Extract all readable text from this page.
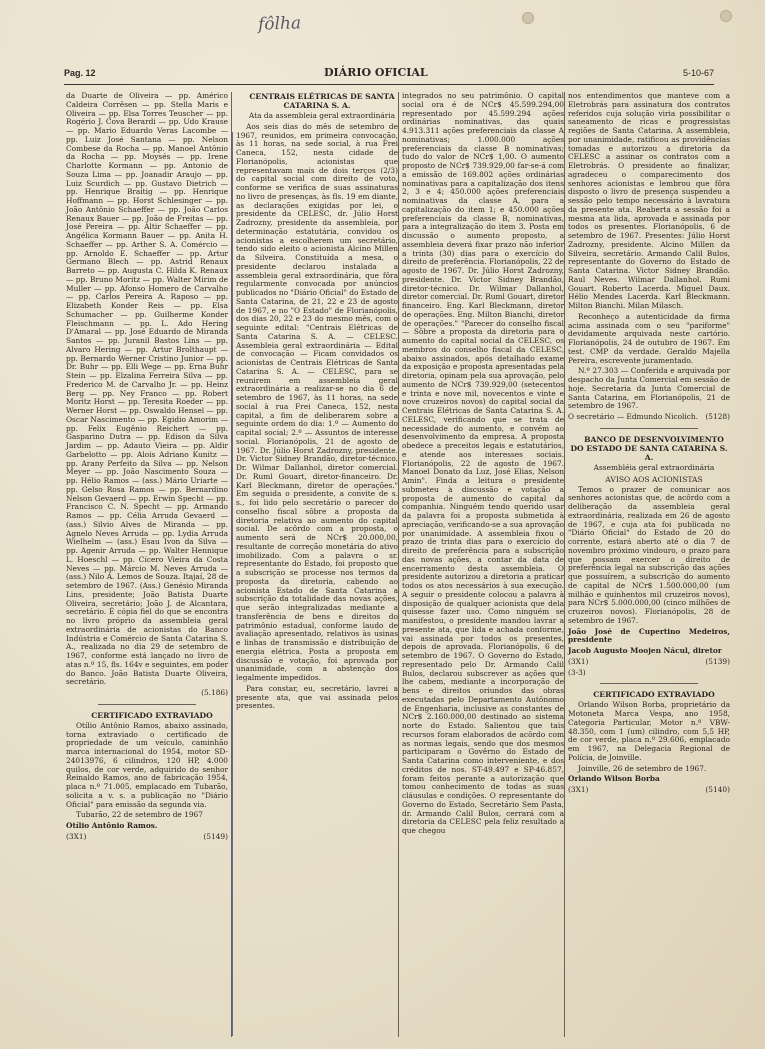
fôlha
Pag. 12	DIÁRIO OFICIAL	5-10-67

da Duarte de Oliveira — pp. Américo Caldeira Corrêsen — pp. Stella Maris e Oliveira — pp. Elsa Torres Teuscher — pp. Rogério J. Cova Berardi — pp. Udo Krause — pp. Mario Eduardo Veras Lacombe — pp. Luiz José Santana — pp. Nelson Combese da Rocha — pp. Manoel Antônio da Rocha — pp. Moysés — pp. Irene Charlotte Kormann — pp. Antonio de Souza Lima — pp. Joanadir Araujo — pp. Luiz Scurdich — pp. Gustavo Dietrich — pp. Henrique Braitig — pp. Henrique Hoffmann — pp. Horst Schlesinger — pp. João Antônio Schaeffer — pp. João Carlos Renaux Bauer — pp. João de Freitas — pp. José Pereira — pp. Altir Schaeffer — pp. Angélica Kormann Bauer — pp. Anita H. Schaeffer — pp. Arther S. A. Comércio — pp. Arnoldo E. Schaeffer — pp. Artur Germano Blech — pp. Astrid Renaux Barreto — pp. Augusta C. Hilda K. Renaux — pp. Bruno Moritz — pp. Walter Mirim de Muller — pp. Afonso Homero de Carvalho — pp. Carlos Pereira A. Raposo — pp. Elizabeth Konder Reis — pp. Elsa Schumacher — pp. Guilherme Konder Fleischmann — pp. L. Ado Hering D'Amaral — pp. José Eduardo de Miranda Santos — pp. Juranil Bastos Lins — pp. Alvaro Hering — pp. Artur Brolthaupt — pp. Bernardo Werner Cristino Junior — pp. Dr. Buhr — pp. Elli Wege — pp. Erna Buhr Stein — pp. Elzalina Ferreira Silva — pp. Frederico M. de Carvalho Jr. — pp. Heinz Berg — pp. Ney Franco — pp. Robert Moritz Horst — pp. Teresita Roeder — pp. Werner Horst — pp. Oswaldo Hensel — pp. Oscar Nascimento — pp. Egidio Amorim — pp. Felix Eugênio Reichert — pp. Gasparino Dutra — pp. Edison da Silva Jardim — pp. Adauto Vieira — pp. Aldir Garbelotto — pp. Alois Adriano Kunitz — pp. Arany Perfeito da Silva — pp. Nelson Meyer — pp. João Nascimento Souza — pp. Hélio Ramos — (ass.) Mário Uriarte — pp. Gelso Rosa Ramos — pp. Bernardino Nelson Gevaerd — pp. Erwin Specht — pp. Francisco C. N. Specht — pp. Armando Ramos — pp. Célia Arruda Gevaerd — (ass.) Silvio Alves de Miranda — pp. Agnelo Neves Arruda — pp. Lydia Arruda Wielhelm — (ass.) Esau Ivon da Silva — pp. Agenir Arruda — pp. Walter Hennique L. Hoeschl — pp. Cícero Vieira da Costa Neves — pp. Márcio M. Neves Arruda — (ass.) Nilo A. Lemos de Souza. Itajaí, 28 de setembro de 1967. (Ass.) Genésio Miranda Lins, presidente; João Batista Duarte Oliveira, secretário; João J. de Alcantara, secretário. É cópia fiel do que se encontra no livro próprio da assembleia geral extraordinária de acionistas do Banco Indústria e Comércio de Santa Catarina S. A., realizada no dia 29 de setembro de 1967, conforme está lançado no livro de atas n.º 15, fls. 164v e seguintes, em poder do Banco. João Batista Duarte Oliveira, secretário.

(5.186)

CERTIFICADO EXTRAVIADO

Otílio Antônio Ramos, abaixo assinado, torna extraviado o certificado de propriedade de um veículo, caminhão marca internacional do 1954, motor SD-24013976, 6 cilindros, 120 HP, 4.000 quilos, de cor verde, adquirido do senhor Reinaldo Ramos, ano de fabricação 1954, placa n.º 71.005, emplacado em Tubarão, solicita a v. s. a publicação no "Diário Oficial" para emissão da segunda via.

Tubarão, 22 de setembro de 1967

Otílio Antônio Ramos.

(3X1)	(5149)

CENTRAIS ELÉTRICAS DE SANTA CATARINA S. A.

Ata da assembleia geral extraordinária

Aos seis dias do mês de setembro de 1967, reunidos, em primeira convocação, às 11 horas, na sede social, à rua Frei Caneca, 152, nesta cidade de Florianópolis, acionistas que representavam mais de dois terços (2/3) do capital social com direito de voto, conforme se verifica de suas assinaturas no livro de presenças, às fls. 19 em diante, as declarações exigidas por lei, o presidente da CELESC, dr. Júlio Horst Zadrozny, presidente da assembleia, por determinação estatutária, convidou os acionistas a escolherem um secretário, tendo sido eleito o acionista Alcino Millen da Silveira. Constituída a mesa, o presidente declarou instalada a assembleia geral extraordinária, que fôra regularmente convocada por anúncios publicados no "Diário Oficial" do Estado de Santa Catarina, de 21, 22 e 23 de agosto de 1967, e no "O Estado" de Florianópolis, dos dias 20, 22 e 23 do mesmo mês, com o seguinte edital: "Centrais Elétricas de Santa Catarina S. A. — CELESC. Assembleia geral extraordinária — Edital de convocação — Ficam convidados os acionistas de Centrais Elétricas de Santa Catarina S. A. — CELESC, para se reunirem em assembleia geral extraordinária a realizar-se no dia 6 de setembro de 1967, às 11 horas, na sede social à rua Frei Caneca, 152, nesta capital, a fim de deliberarem sobre a seguinte ordem do dia: 1.º — Aumento do capital social; 2.º — Assuntos de interesse social. Florianópolis, 21 de agosto de 1967. Dr. Júlio Horst Zadrozny, presidente. Dr. Victor Sidney Brandão, diretor-técnico. Dr. Wilmar Dallanhol, diretor comercial. Dr. Ruml Gouart, diretor-financeiro. Dr. Karl Bleckmann, diretor de operações." Em seguida o presidente, a convite de s. s., foi lido pelo secretário o parecer do conselho fiscal sôbre a proposta da diretoria relativa ao aumento do capital social. De acôrdo com a proposta, o aumento será de NCr$ 20.000,00, resultante de correção monetária do ativo imobilizado. Com a palavra o sr. representante do Estado, foi proposto que a subscrição se processe nos termos da proposta da diretoria, cabendo ao acionista Estado de Santa Catarina a subscrição da totalidade das novas ações, que serão integralizadas mediante a transferência de bens e direitos do patrimônio estadual, conforme laudo de avaliação apresentado, relativos às usinas e linhas de transmissão e distribuição de energia elétrica. Posta a proposta em discussão e votação, foi aprovada por unanimidade, com a abstenção dos legalmente impedidos.

Para constar, eu, secretário, lavrei a presente ata, que vai assinada pelos presentes.

integrados no seu patrimônio. O capital social ora é de NCr$ 45.599.294,00 representado por 45.599.294 ações ordinárias nominativas, das quais 4.913.311 ações preferenciais da classe A nominativas; 1.000.000 ações preferenciais da classe B nominativas; tudo do valor de NCr$ 1,00. O aumento proposto de NCr$ 739.929,00 far-se-á com a emissão de 169.802 ações ordinárias nominativas para a capitalização dos itens 2, 3 e 4; 450.000 ações preferenciais nominativas da classe A, para a capitalização do item 1; e 450.000 ações preferenciais da classe B, nominativas, para a integralização do item 3. Posta em discussão o aumento proposto, a assembleia deverá fixar prazo não inferior a trinta (30) dias para o exercício do direito de preferência. Florianópolis, 22 de agosto de 1967. Dr. Júlio Horst Zadrozny, presidente. Dr. Victor Sidney Brandão, diretor-técnico. Dr. Wilmar Dallanhol, diretor comercial. Dr. Ruml Gouart, diretor financeiro. Eng. Karl Bleckmann, diretor de operações. Eng. Milton Bianchi, diretor de operações." "Parecer do conselho fiscal — Sôbre a proposta da diretoria para o aumento do capital social da CELESC, os membros do conselho fiscal da CELESC, abaixo assinados, após detalhado exame da exposição e proposta apresentadas pela diretoria, opinam pela sua aprovação, pelo aumento de NCr$ 739.929,00 (setecentos e trinta e nove mil, novecentos e vinte e nove cruzeiros novos) do capital social da Centrais Elétricas de Santa Catarina S. A. CELESC, verificando que se trata de necessidade do aumento, e convém ao desenvolvimento da empresa. A proposta obedece a preceitos legais e estatutários, e atende aos interesses sociais. Florianópolis, 22 de agosto de 1967. Manoel Donato da Luz, José Elias, Nelson Amin". Finda a leitura o presidente submeteu à discussão e votação a proposta de aumento do capital da companhia. Ninguém tendo querido usar da palavra foi a proposta submetida à apreciação, verificando-se a sua aprovação por unanimidade. A assembleia fixou o prazo de trinta dias para o exercício do direito de preferência para a subscrição das novas ações, a contar da data de encerramento desta assembleia. O presidente autorizou a diretoria a praticar todos os atos necessários à sua execução. A seguir o presidente colocou a palavra à disposição de qualquer acionista que dela quisesse fazer uso. Como ninguém se manifestou, o presidente mandou lavrar a presente ata, que lida e achada conforme, vai assinada por todos os presentes, depois de aprovada. Florianópolis, 6 de setembro de 1967. O Governo do Estado, representado pelo Dr. Armando Calil Bulos, declarou subscrever as ações que lhe cabem, mediante a incorporação de bens e direitos oriundos das obras executadas pelo Departamento Autônomo de Engenharia, inclusive as constantes de NCr$ 2.160.000,00 destinado ao sistema norte do Estado. Salientou que tais recursos foram elaborados de acôrdo com as normas legais, sendo que dos mesmos participaram o Govêrno do Estado de Santa Catarina como interveniente, e dos créditos de nos. ST-49.497 e SP-46.857, foram feitos perante a autorização que tomou conhecimento de todas as suas cláusulas e condições. O representante do Governo do Estado, Secretário Sem Pasta, dr. Armando Calil Bulos, cerrará com a diretoria da CELESC pela feliz resultado a que chegou

nos entendimentos que manteve com a Eletrobrás para assinatura dos contratos referidos cuja solução viria possibilitar o saneamento de ricas e progressistas regiões de Santa Catarina. A assembleia, por unanimidade, ratificou as providências tomadas e autorizou a diretoria da CELESC a assinar os contratos com a Eletrobrás. O presidente ao finalizar, agradeceu o comparecimento dos senhores acionistas e lembrou que fôra disposto o livro de presença suspendeu a sessão pelo tempo necessário à lavratura da presente ata. Reaberta a sessão foi a mesma ata lida, aprovada e assinada por todos os presentes. Florianópolis, 6 de setembro de 1967. Presentes: Júlio Horst Zadrozny, presidente. Alcino Millen da Silveira, secretário. Armando Calil Bulos, representante do Governo do Estado de Santa Catarina. Victor Sidney Brandão. Raul Neves. Wilmar Dallanhol. Rumi Gouart. Roberto Lacerda. Miguel Daux. Hélio Mendes Lacerda. Karl Bleckmann. Milton Bianchi. Milan Milasch.

Reconheço a autenticidade da firma acima assinada com o seu "pariforme" devidamente arquivada neste cartório. Florianópolis, 24 de outubro de 1967. Em test. CMP da verdade. Geraldo Majella Pereira, escrevente juramentado.

N.º 27.303 — Conferida e arquivada por despacho da Junta Comercial em sessão de hoje. Secretaria da Junta Comercial de Santa Catarina, em Florianópolis, 21 de setembro de 1967.

O secretário — Edmundo Nicolich. (5128)

BANCO DE DESENVOLVIMENTO DO ESTADO DE SANTA CATARINA S. A.

Assembléia geral extraordinária

AVISO AOS ACIONISTAS

Temos o prazer de comunicar aos senhores acionistas que, de acôrdo com a deliberação da assembleia geral extraordinária, realizada em 26 de agosto de 1967, e cuja ata foi publicada no "Diário Oficial" do Estado de 20 do corrente, estará aberto até o dia 7 de novembro próximo vindouro, o prazo para que possam exercer o direito de preferência legal na subscrição das ações que possuírem, a subscrição do aumento de capital de NCr$ 1.500.000,00 (um milhão e quinhentos mil cruzeiros novos), para NCr$ 5.000.000,00 (cinco milhões de cruzeiros novos). Florianópolis, 28 de setembro de 1967.

João José de Cupertino Medeiros, presidente

Jacob Augusto Moojen Nácul, diretor

(3X1)	(5139)

(3-3)

CERTIFICADO EXTRAVIADO

Orlando Wilson Borba, proprietário da Motoneta Marca Vespa, ano 1958, Categoria Particular, Motor n.º VBW-48.350, com 1 (um) cilindro, com 5,5 HP, de cor verde, placa n.º 29.606, emplacado em 1967, na Delegacia Regional de Polícia, de Joinville.

Joinville, 26 de setembro de 1967.

Orlando Wilson Borba

(3X1)	(5140)
